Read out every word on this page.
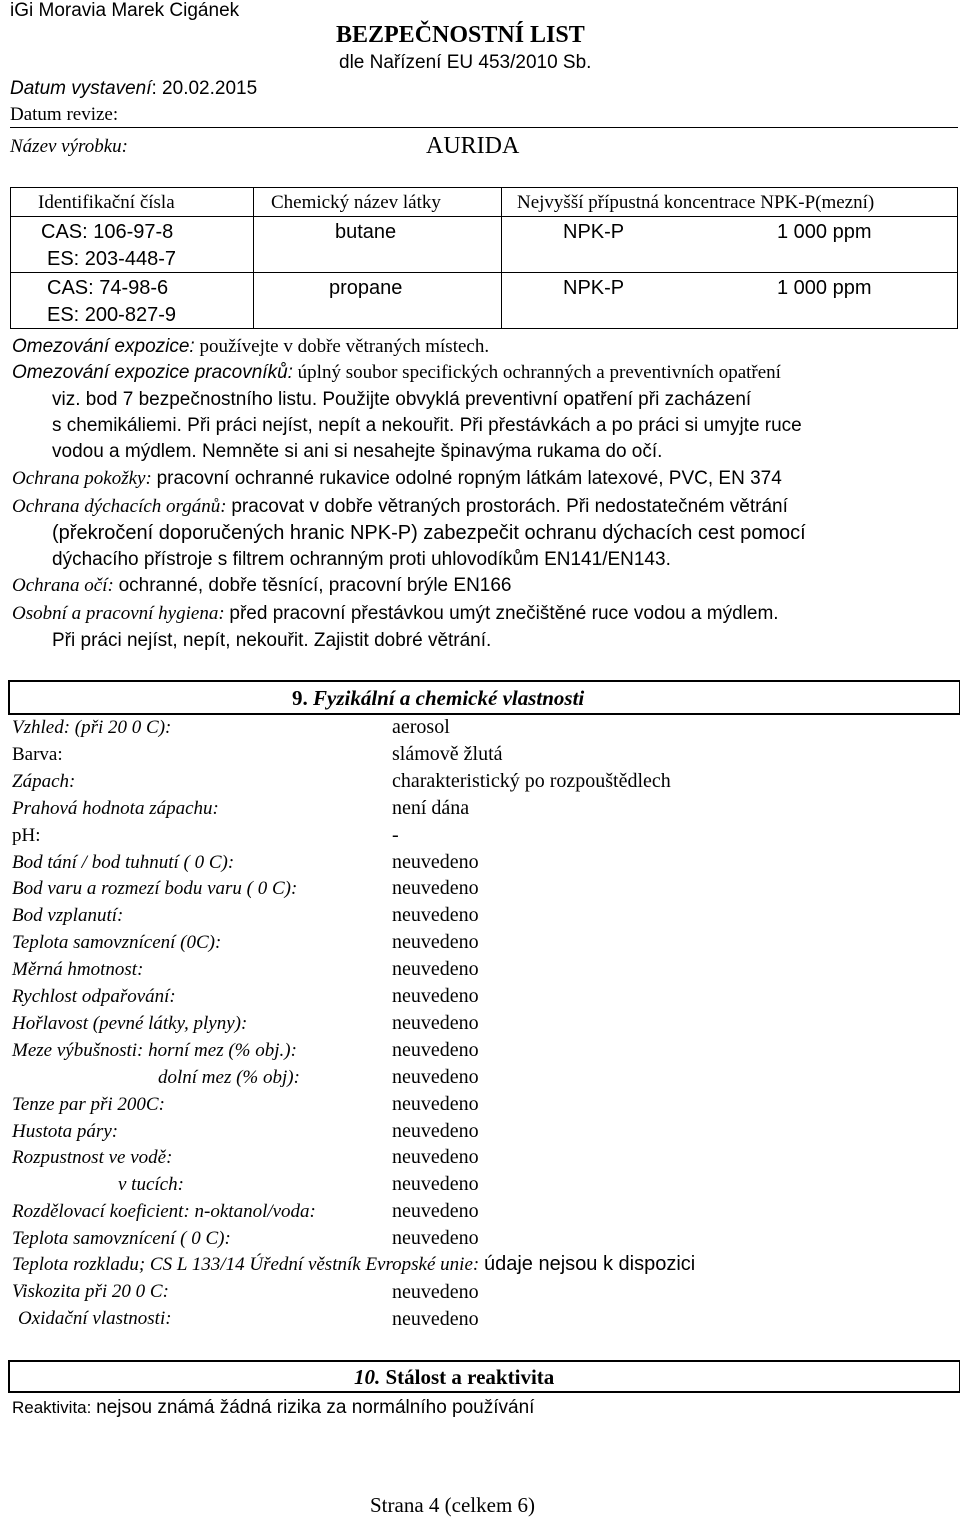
iGi Moravia Marek Cigánek
BEZPEČNOSTNÍ LIST
dle Nařízení EU 453/2010 Sb.
Datum vystavení: 20.02.2015
Datum revize:
Název výrobku:	AURIDA
Identifikační čísla	Chemický název látky	Nejvyšší přípustná koncentrace NPK-P(mezní)
CAS: 106-97-8
ES: 203-448-7
butane	NPK-P	1 000 ppm
CAS: 74-98-6
ES: 200-827-9
propane	NPK-P	1 000 ppm
Omezování expozice: používejte v dobře větraných místech.
Omezování expozice pracovníků: úplný soubor specifických ochranných a preventivních opatření
viz. bod 7 bezpečnostního listu. Použijte obvyklá preventivní opatření při zacházení
s chemikáliemi. Při práci nejíst, nepít a nekouřit. Při přestávkách a po práci si umyjte ruce
vodou a mýdlem. Nemněte si ani si nesahejte špinavýma rukama do očí.
Ochrana pokožky: pracovní ochranné rukavice odolné ropným látkám latexové, PVC, EN 374
Ochrana dýchacích orgánů: pracovat v dobře větraných prostorách. Při nedostatečném větrání
(překročení doporučených hranic NPK-P) zabezpečit ochranu dýchacích cest pomocí
dýchacího přístroje s filtrem ochranným proti uhlovodíkům EN141/EN143.
Ochrana očí: ochranné, dobře těsnící, pracovní brýle EN166
Osobní a pracovní hygiena: před pracovní přestávkou umýt znečištěné ruce vodou a mýdlem.
Při práci nejíst, nepít, nekouřit. Zajistit dobré větrání.
9. Fyzikální a chemické vlastnosti
Vzhled: (při 20 0 C):	aerosol
Barva:	slámově žlutá
Zápach:	charakteristický po rozpouštědlech
Prahová hodnota zápachu:	není dána
pH:	-
Bod tání / bod tuhnutí ( 0 C):	neuvedeno
Bod varu a rozmezí bodu varu ( 0 C):	neuvedeno
Bod vzplanutí:	neuvedeno
Teplota samovznícení (0C):	neuvedeno
Měrná hmotnost:	neuvedeno
Rychlost odpařování:	neuvedeno
Hořlavost (pevné látky, plyny):	neuvedeno
Meze výbušnosti: horní mez (% obj.):	neuvedeno
dolní mez (% obj):	neuvedeno
Tenze par při 200C:	neuvedeno
Hustota páry:	neuvedeno
Rozpustnost ve vodě:	neuvedeno
v tucích:	neuvedeno
Rozdělovací koeficient: n-oktanol/voda:	neuvedeno
Teplota samovznícení ( 0 C):	neuvedeno
Teplota rozkladu; CS L 133/14 Úřední věstník Evropské unie: údaje nejsou k dispozici
Viskozita při 20 0 C:	neuvedeno
Oxidační vlastnosti:	neuvedeno
10. Stálost a reaktivita
Reaktivita: nejsou známá žádná rizika za normálního používání
Strana 4 (celkem 6)
